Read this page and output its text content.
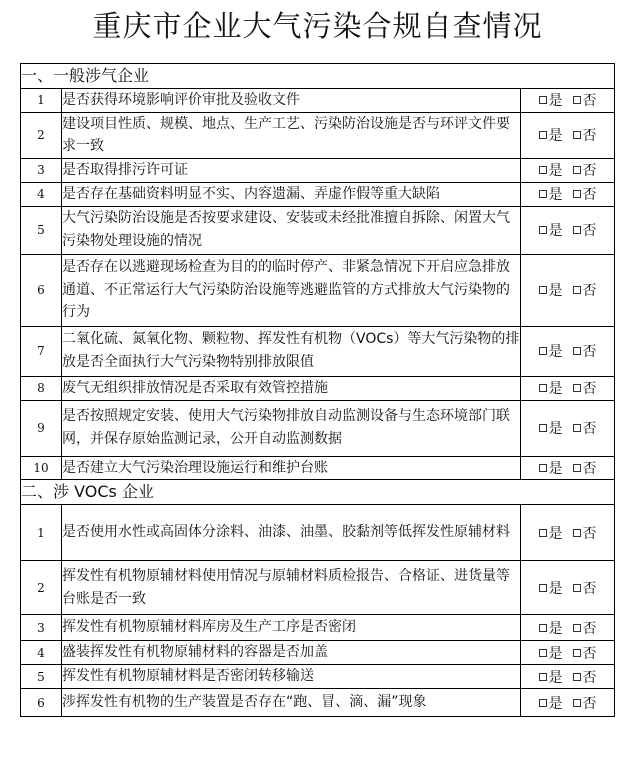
重庆市企业大气污染合规自查情况
一、一般涉气企业		
1	是否获得环境影响评价审批及验收文件	是 否
2	建设项目性质、规模、地点、生产工艺、污染防治设施是否与环评文件要求一致	是 否
3	是否取得排污许可证	是 否
4	是否存在基础资料明显不实、内容遗漏、弄虚作假等重大缺陷	是 否
5	大气污染防治设施是否按要求建设、安装或未经批准擅自拆除、闲置大气污染物处理设施的情况	是 否
6	是否存在以逃避现场检查为目的的临时停产、非紧急情况下开启应急排放通道、不正常运行大气污染防治设施等逃避监管的方式排放大气污染物的行为	是 否
7	二氧化硫、氮氧化物、颗粒物、挥发性有机物（VOCs）等大气污染物的排放是否全面执行大气污染物特别排放限值	是 否
8	废气无组织排放情况是否采取有效管控措施	是 否
9	是否按照规定安装、使用大气污染物排放自动监测设备与生态环境部门联网，并保存原始监测记录，公开自动监测数据	是 否
10	是否建立大气污染治理设施运行和维护台账	是 否
二、涉 VOCs 企业		
1	是否使用水性或高固体分涂料、油漆、油墨、胶黏剂等低挥发性原辅材料	是 否
2	挥发性有机物原辅材料使用情况与原辅材料质检报告、合格证、进货量等台账是否一致	是 否
3	挥发性有机物原辅材料库房及生产工序是否密闭	是 否
4	盛装挥发性有机物原辅材料的容器是否加盖	是 否
5	挥发性有机物原辅材料是否密闭转移输送	是 否
6	涉挥发性有机物的生产装置是否存在“跑、冒、滴、漏”现象	是 否
